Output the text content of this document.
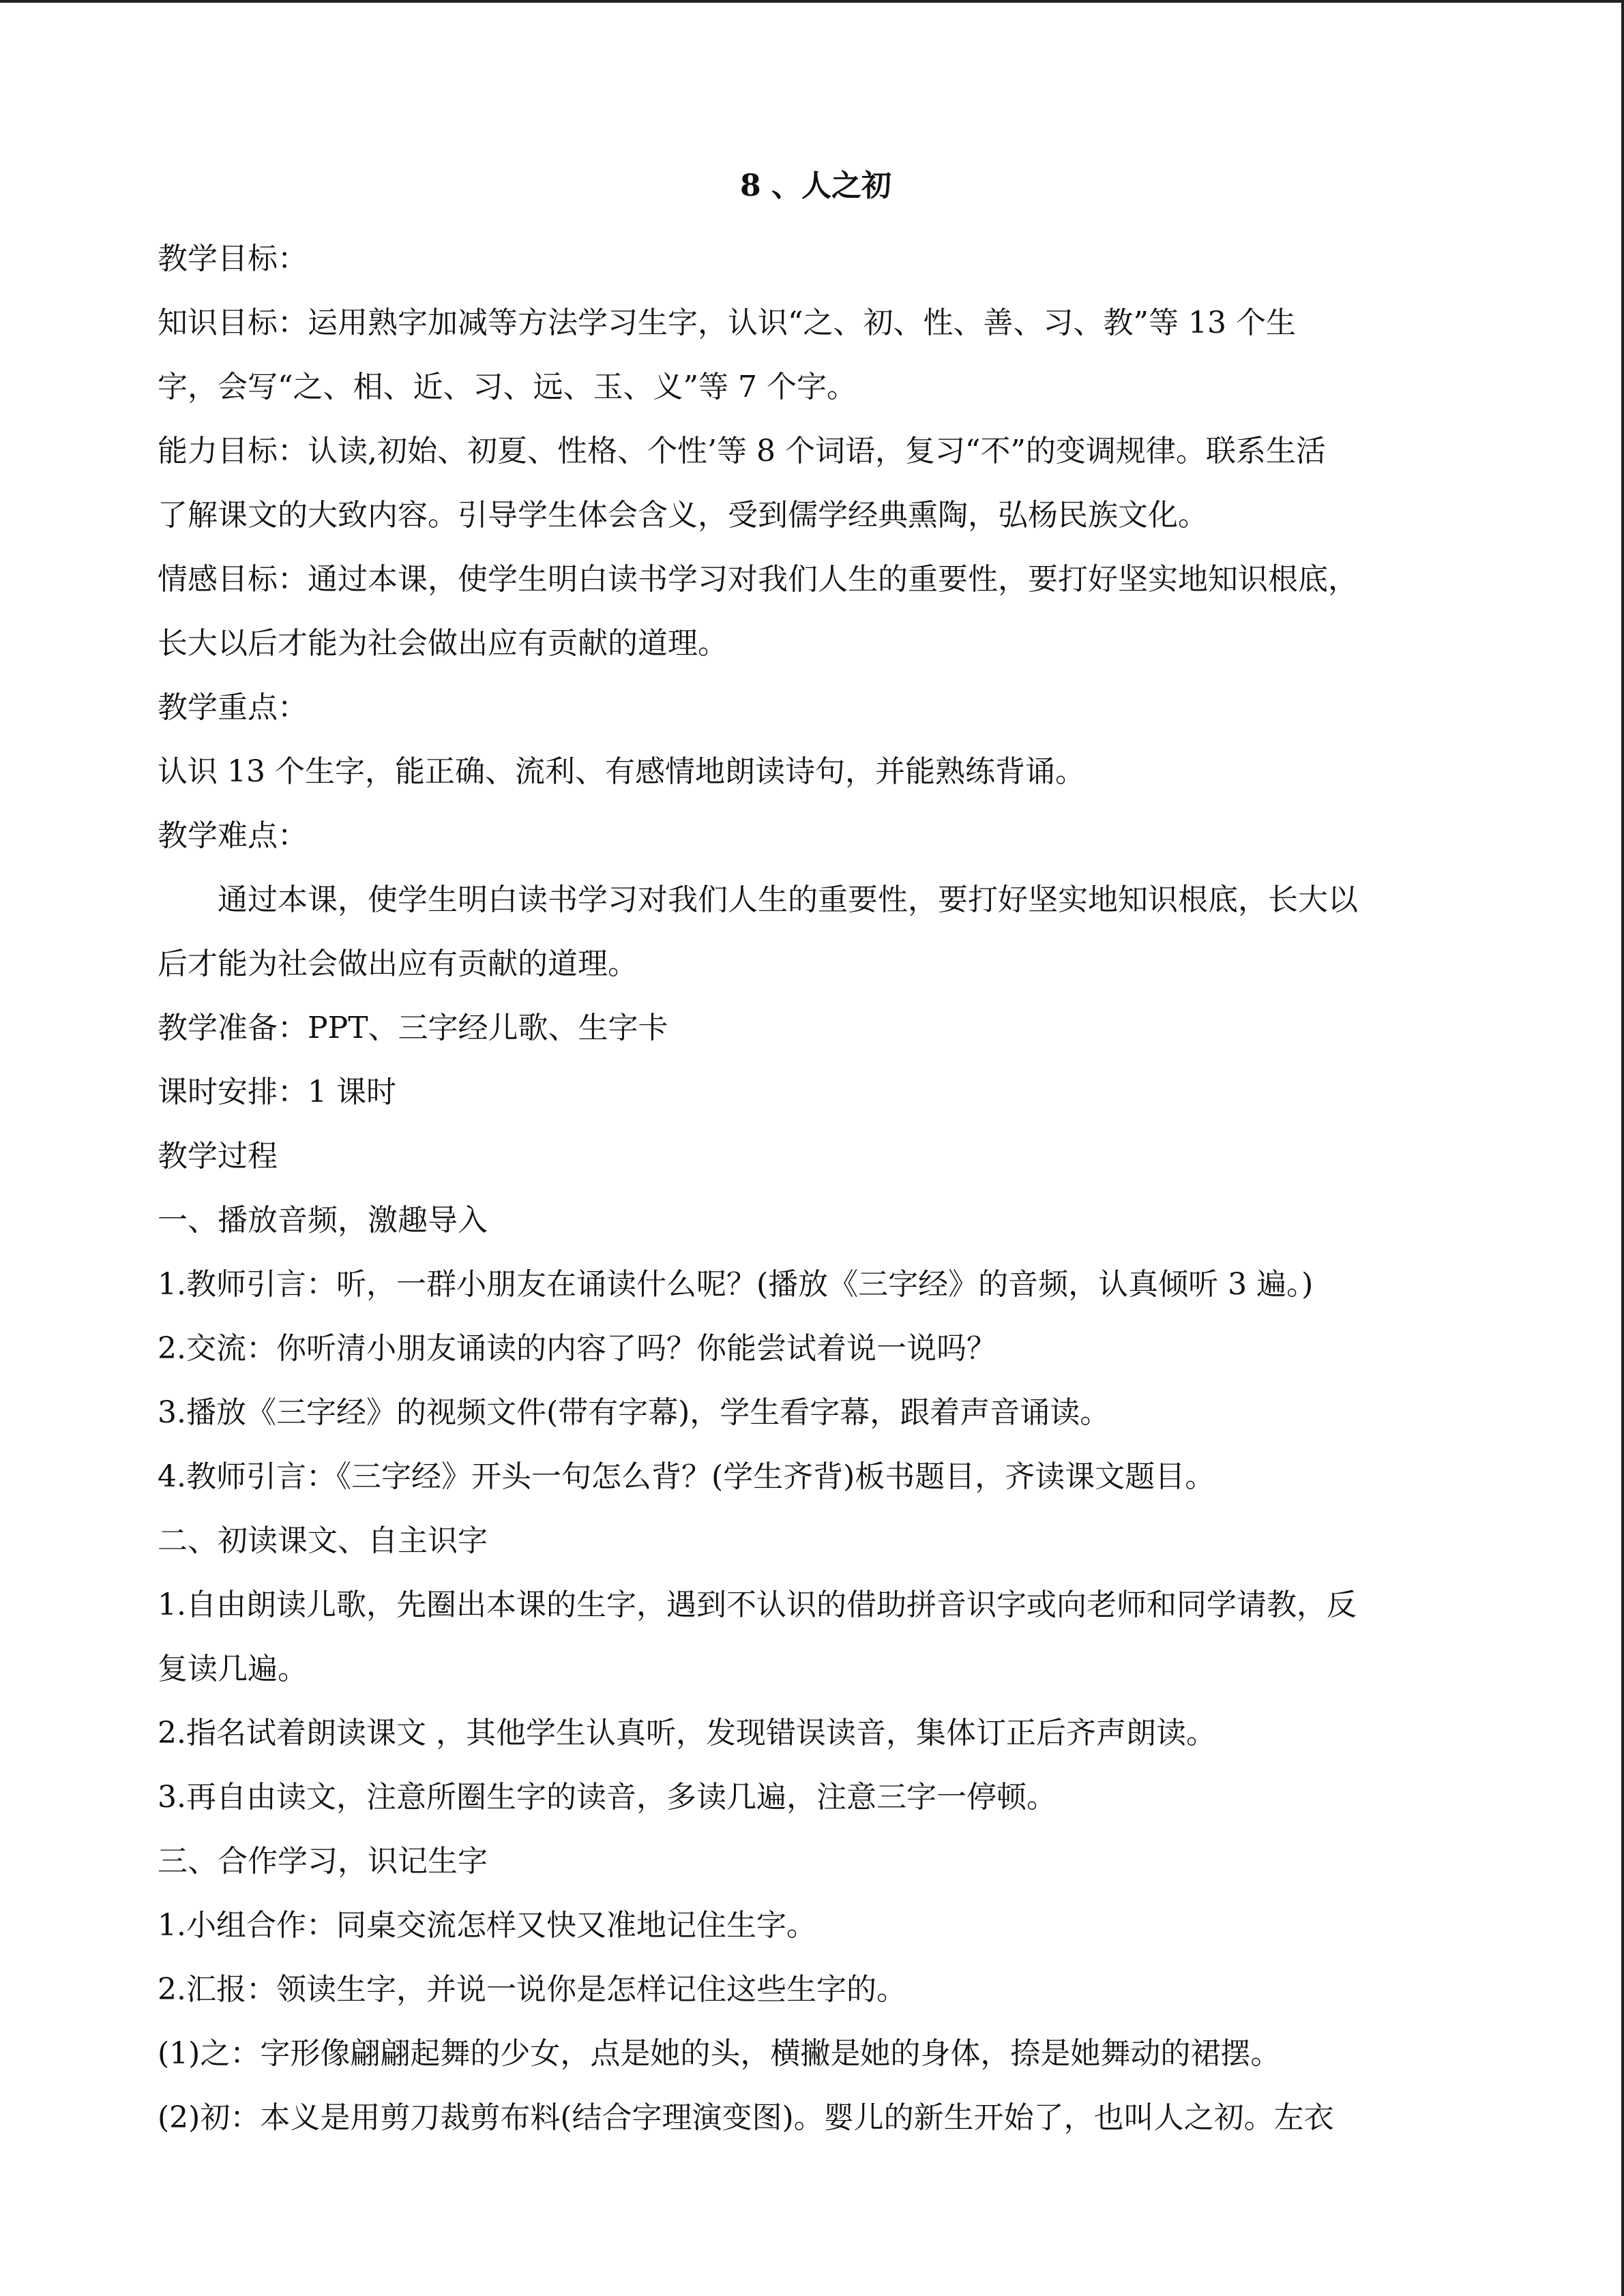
8 、人之初

教学目标：

知识目标：运用熟字加减等方法学习生字，认识“之、初、性、善、习、教”等 13 个生

字，会写“之、相、近、习、远、玉、义”等 7 个字。

能力目标：认读,初始、初夏、性格、个性’等 8 个词语，复习“不”的变调规律。联系生活

了解课文的大致内容。引导学生体会含义，受到儒学经典熏陶，弘杨民族文化。

情感目标：通过本课，使学生明白读书学习对我们人生的重要性，要打好坚实地知识根底，

长大以后才能为社会做出应有贡献的道理。

教学重点：

认识 13 个生字，能正确、流利、有感情地朗读诗句，并能熟练背诵。

教学难点：

通过本课，使学生明白读书学习对我们人生的重要性，要打好坚实地知识根底，长大以

后才能为社会做出应有贡献的道理。

教学准备：PPT、三字经儿歌、生字卡

课时安排：1 课时

教学过程

一、播放音频，激趣导入

1.教师引言：听，一群小朋友在诵读什么呢？(播放《三字经》的音频，认真倾听 3 遍。)

2.交流：你听清小朋友诵读的内容了吗？你能尝试着说一说吗？

3.播放《三字经》的视频文件(带有字幕)，学生看字幕，跟着声音诵读。

4.教师引言：《三字经》开头一句怎么背？(学生齐背)板书题目，齐读课文题目。

二、初读课文、自主识字

1.自由朗读儿歌，先圈出本课的生字，遇到不认识的借助拼音识字或向老师和同学请教，反

复读几遍。

2.指名试着朗读课文 ，其他学生认真听，发现错误读音，集体订正后齐声朗读。

3.再自由读文，注意所圈生字的读音，多读几遍，注意三字一停顿。

三、合作学习，识记生字

1.小组合作：同桌交流怎样又快又准地记住生字。

2.汇报：领读生字，并说一说你是怎样记住这些生字的。

(1)之：字形像翩翩起舞的少女，点是她的头，横撇是她的身体，捺是她舞动的裙摆。

(2)初：本义是用剪刀裁剪布料(结合字理演变图)。婴儿的新生开始了，也叫人之初。左衣
